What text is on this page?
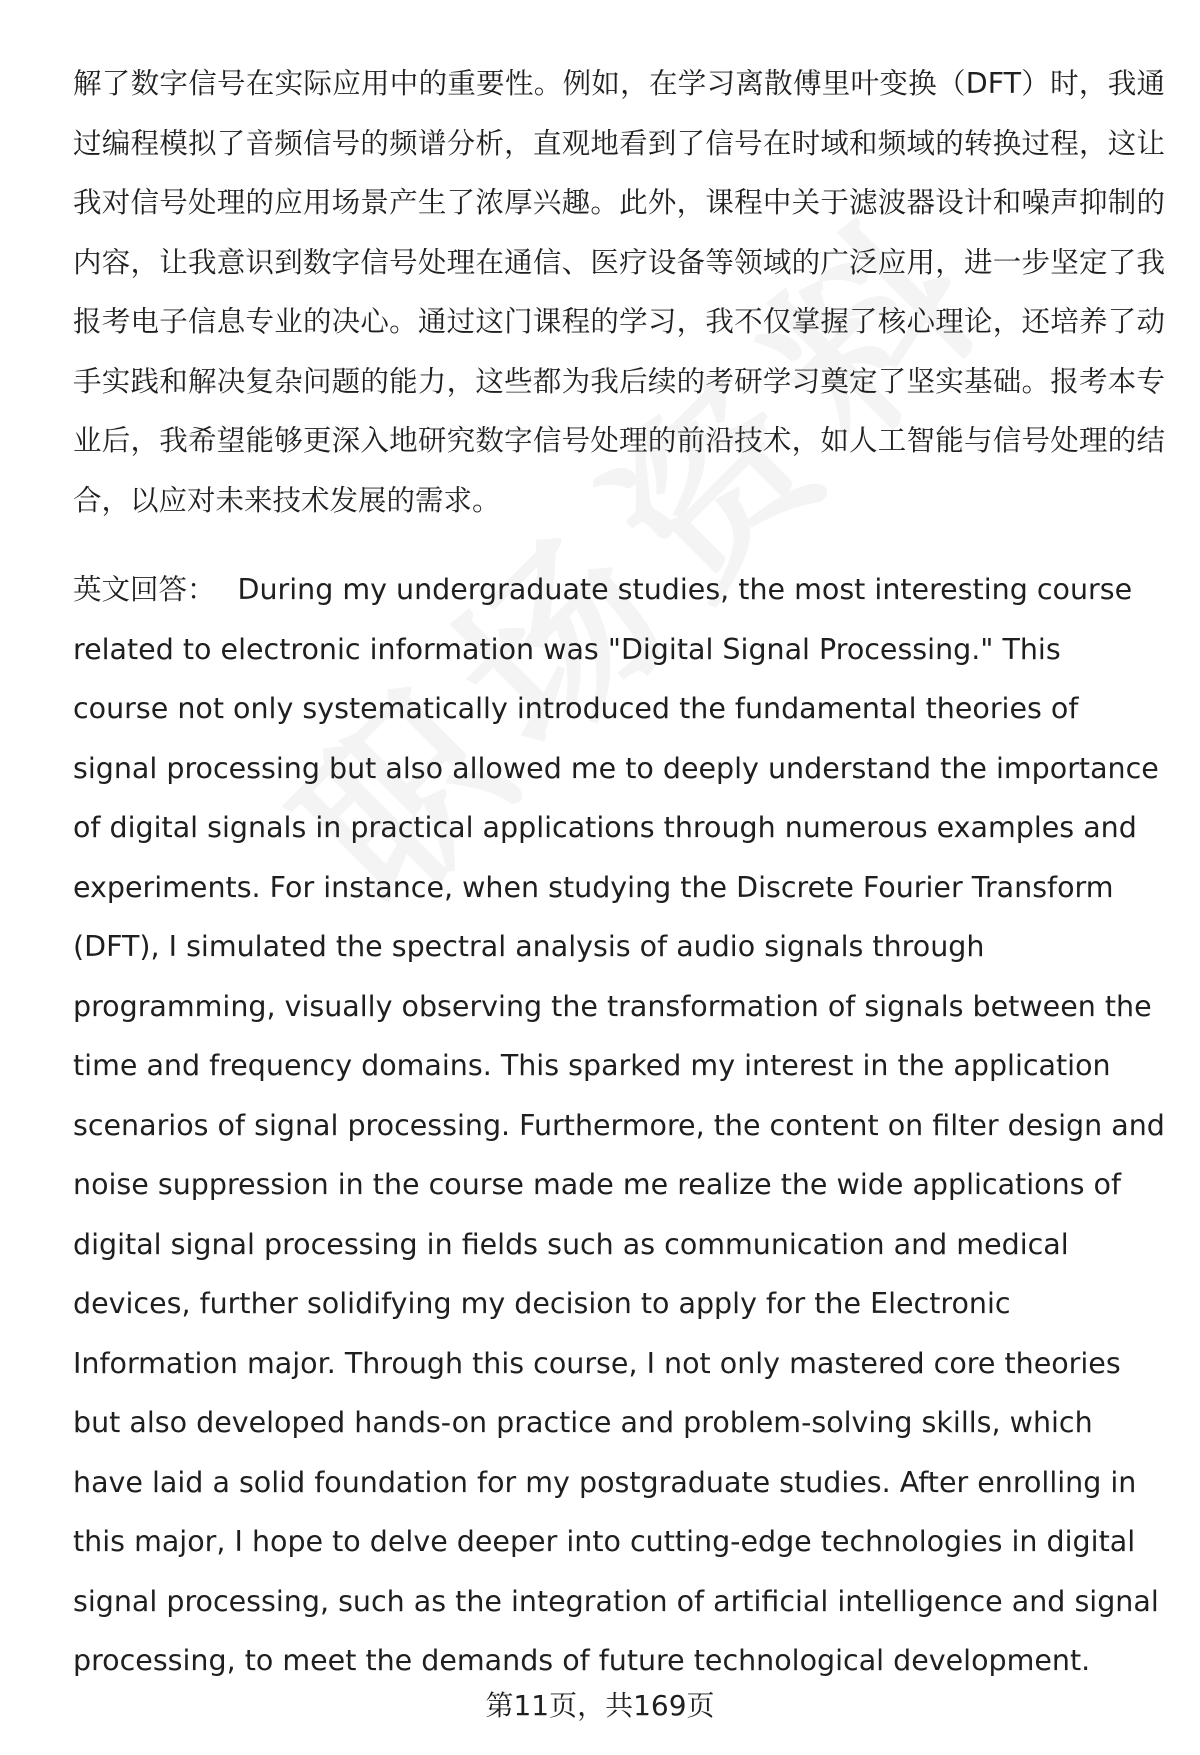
解了数字信号在实际应用中的重要性。例如，在学习离散傅里叶变换（DFT）时，我通过编程模拟了音频信号的频谱分析，直观地看到了信号在时域和频域的转换过程，这让我对信号处理的应用场景产生了浓厚兴趣。此外，课程中关于滤波器设计和噪声抑制的内容，让我意识到数字信号处理在通信、医疗设备等领域的广泛应用，进一步坚定了我报考电子信息专业的决心。通过这门课程的学习，我不仅掌握了核心理论，还培养了动手实践和解决复杂问题的能力，这些都为我后续的考研学习奠定了坚实基础。报考本专业后，我希望能够更深入地研究数字信号处理的前沿技术，如人工智能与信号处理的结合，以应对未来技术发展的需求。

英文回答： During my undergraduate studies, the most interesting course related to electronic information was "Digital Signal Processing." This course not only systematically introduced the fundamental theories of signal processing but also allowed me to deeply understand the importance of digital signals in practical applications through numerous examples and experiments. For instance, when studying the Discrete Fourier Transform (DFT), I simulated the spectral analysis of audio signals through programming, visually observing the transformation of signals between the time and frequency domains. This sparked my interest in the application scenarios of signal processing. Furthermore, the content on filter design and noise suppression in the course made me realize the wide applications of digital signal processing in fields such as communication and medical devices, further solidifying my decision to apply for the Electronic Information major. Through this course, I not only mastered core theories but also developed hands-on practice and problem-solving skills, which have laid a solid foundation for my postgraduate studies. After enrolling in this major, I hope to delve deeper into cutting-edge technologies in digital signal processing, such as the integration of artificial intelligence and signal processing, to meet the demands of future technological development.

第11页，共169页
